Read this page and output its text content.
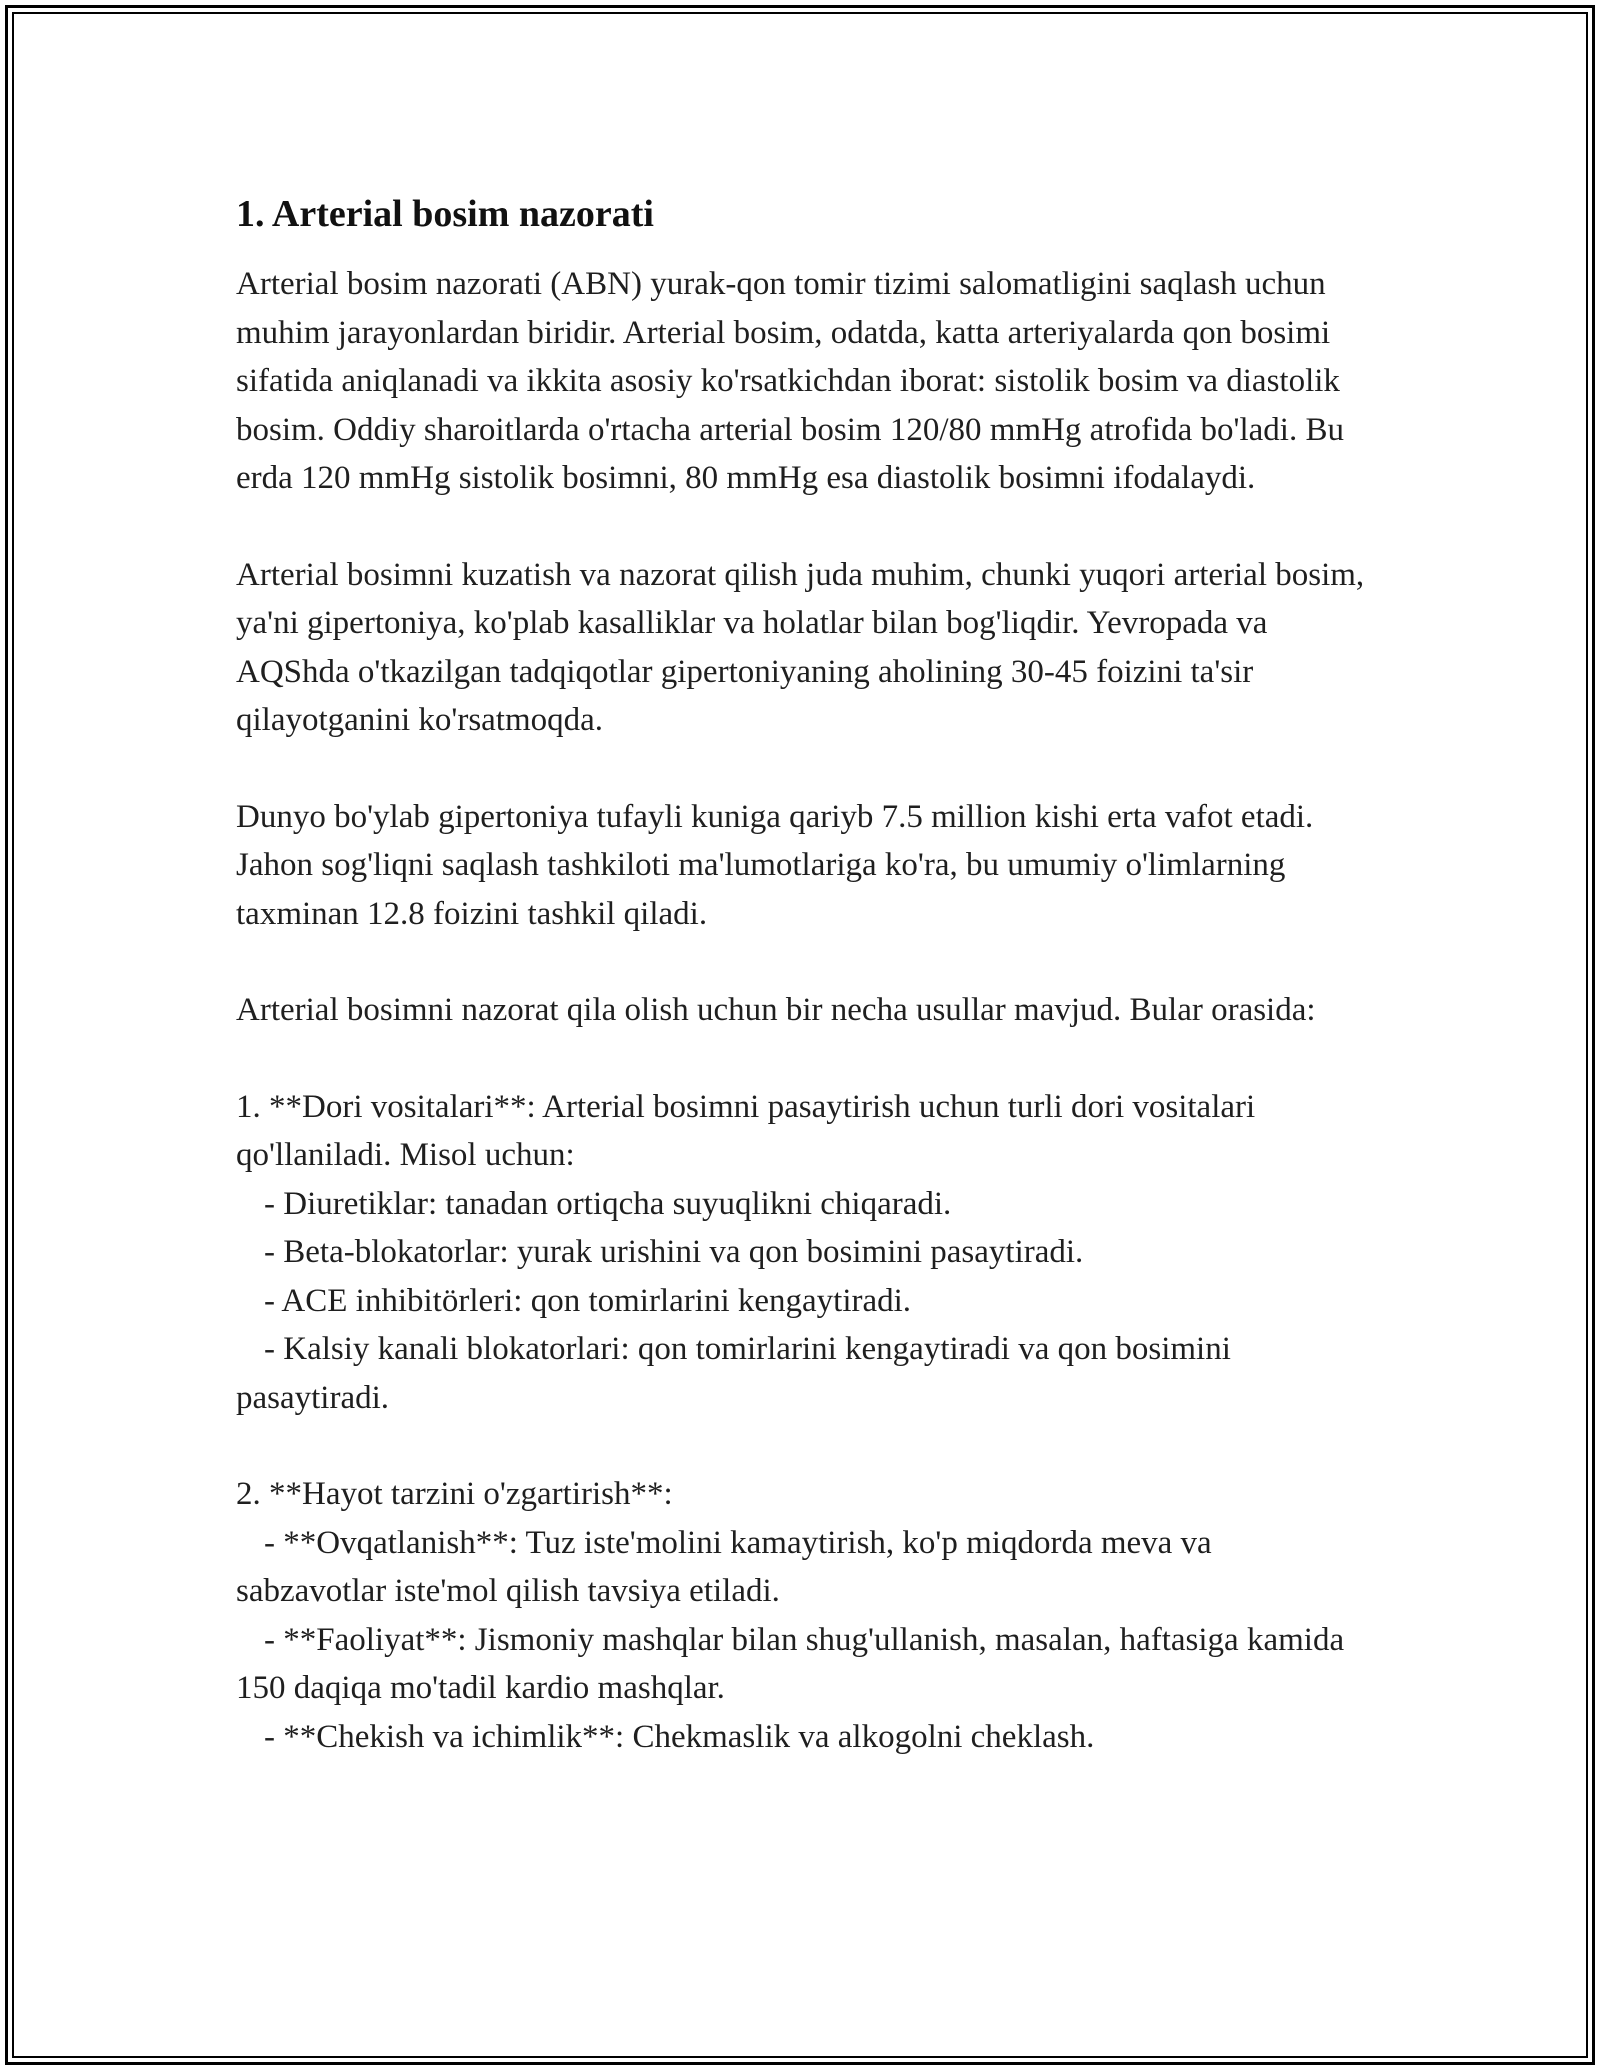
1. Arterial bosim nazorati

Arterial bosim nazorati (ABN) yurak-qon tomir tizimi salomatligini saqlash uchun muhim jarayonlardan biridir. Arterial bosim, odatda, katta arteriyalarda qon bosimi sifatida aniqlanadi va ikkita asosiy ko'rsatkichdan iborat: sistolik bosim va diastolik bosim. Oddiy sharoitlarda o'rtacha arterial bosim 120/80 mmHg atrofida bo'ladi. Bu erda 120 mmHg sistolik bosimni, 80 mmHg esa diastolik bosimni ifodalaydi.

Arterial bosimni kuzatish va nazorat qilish juda muhim, chunki yuqori arterial bosim, ya'ni gipertoniya, ko'plab kasalliklar va holatlar bilan bog'liqdir. Yevropada va AQShda o'tkazilgan tadqiqotlar gipertoniyaning aholining 30-45 foizini ta'sir qilayotganini ko'rsatmoqda.

Dunyo bo'ylab gipertoniya tufayli kuniga qariyb 7.5 million kishi erta vafot etadi. Jahon sog'liqni saqlash tashkiloti ma'lumotlariga ko'ra, bu umumiy o'limlarning taxminan 12.8 foizini tashkil qiladi.

Arterial bosimni nazorat qila olish uchun bir necha usullar mavjud. Bular orasida:

1. **Dori vositalari**: Arterial bosimni pasaytirish uchun turli dori vositalari qo'llaniladi. Misol uchun:
- Diuretiklar: tanadan ortiqcha suyuqlikni chiqaradi.
- Beta-blokatorlar: yurak urishini va qon bosimini pasaytiradi.
- ACE inhibitörleri: qon tomirlarini kengaytiradi.
- Kalsiy kanali blokatorlari: qon tomirlarini kengaytiradi va qon bosimini pasaytiradi.
2. **Hayot tarzini o'zgartirish**:
- **Ovqatlanish**: Tuz iste'molini kamaytirish, ko'p miqdorda meva va sabzavotlar iste'mol qilish tavsiya etiladi.
- **Faoliyat**: Jismoniy mashqlar bilan shug'ullanish, masalan, haftasiga kamida 150 daqiqa mo'tadil kardio mashqlar.
- **Chekish va ichimlik**: Chekmaslik va alkogolni cheklash.
